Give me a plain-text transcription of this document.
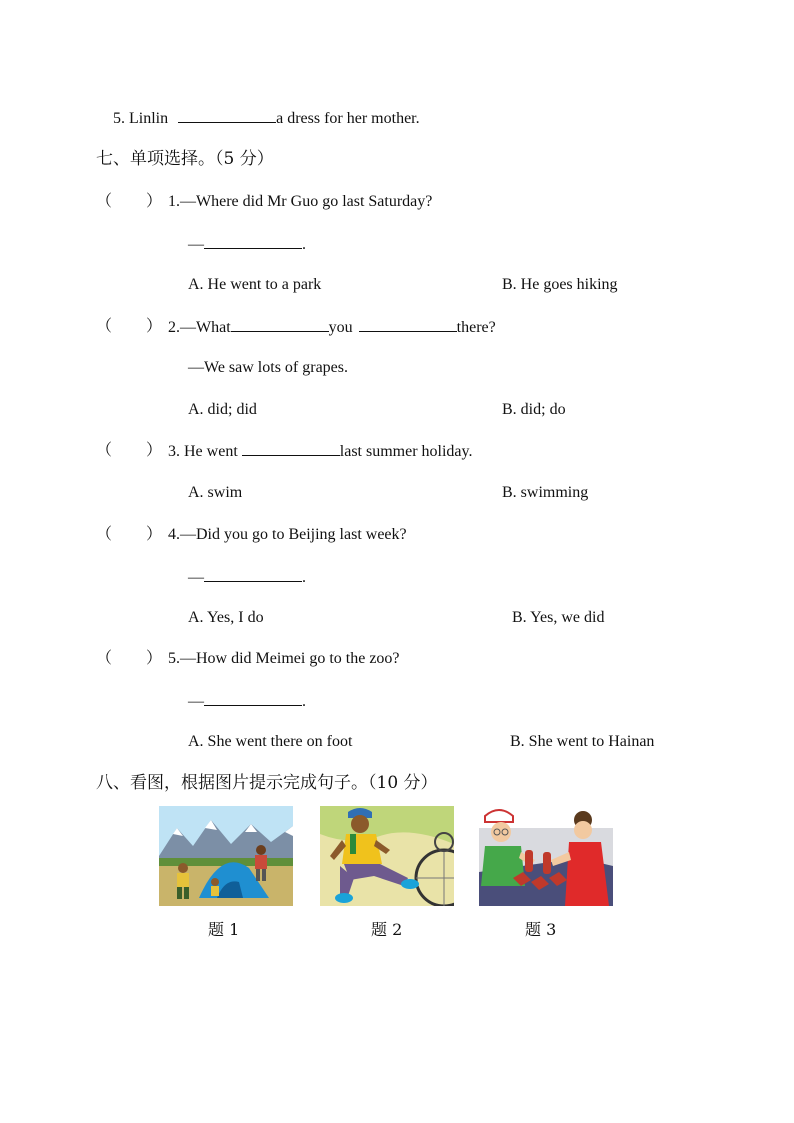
5. Linlin	a dress for her mother.
七、单项选择。（5 分）
（ ） 1.—Where did Mr Guo go last Saturday?
—	.
A. He went to a park	B. He goes hiking
（ ） 2.—What	you	there?
—We saw lots of grapes.
A. did; did	B. did; do
（ ） 3. He went	last summer holiday.
A. swim	B. swimming
（ ） 4.—Did you go to Beijing last week?
—	.
A. Yes, I do	B. Yes, we did
（ ） 5.—How did Meimei go to the zoo?
—	.
A. She went there on foot	B. She went to Hainan
八、看图，根据图片提示完成句子。（10 分）
题 1	题 2	题 3
